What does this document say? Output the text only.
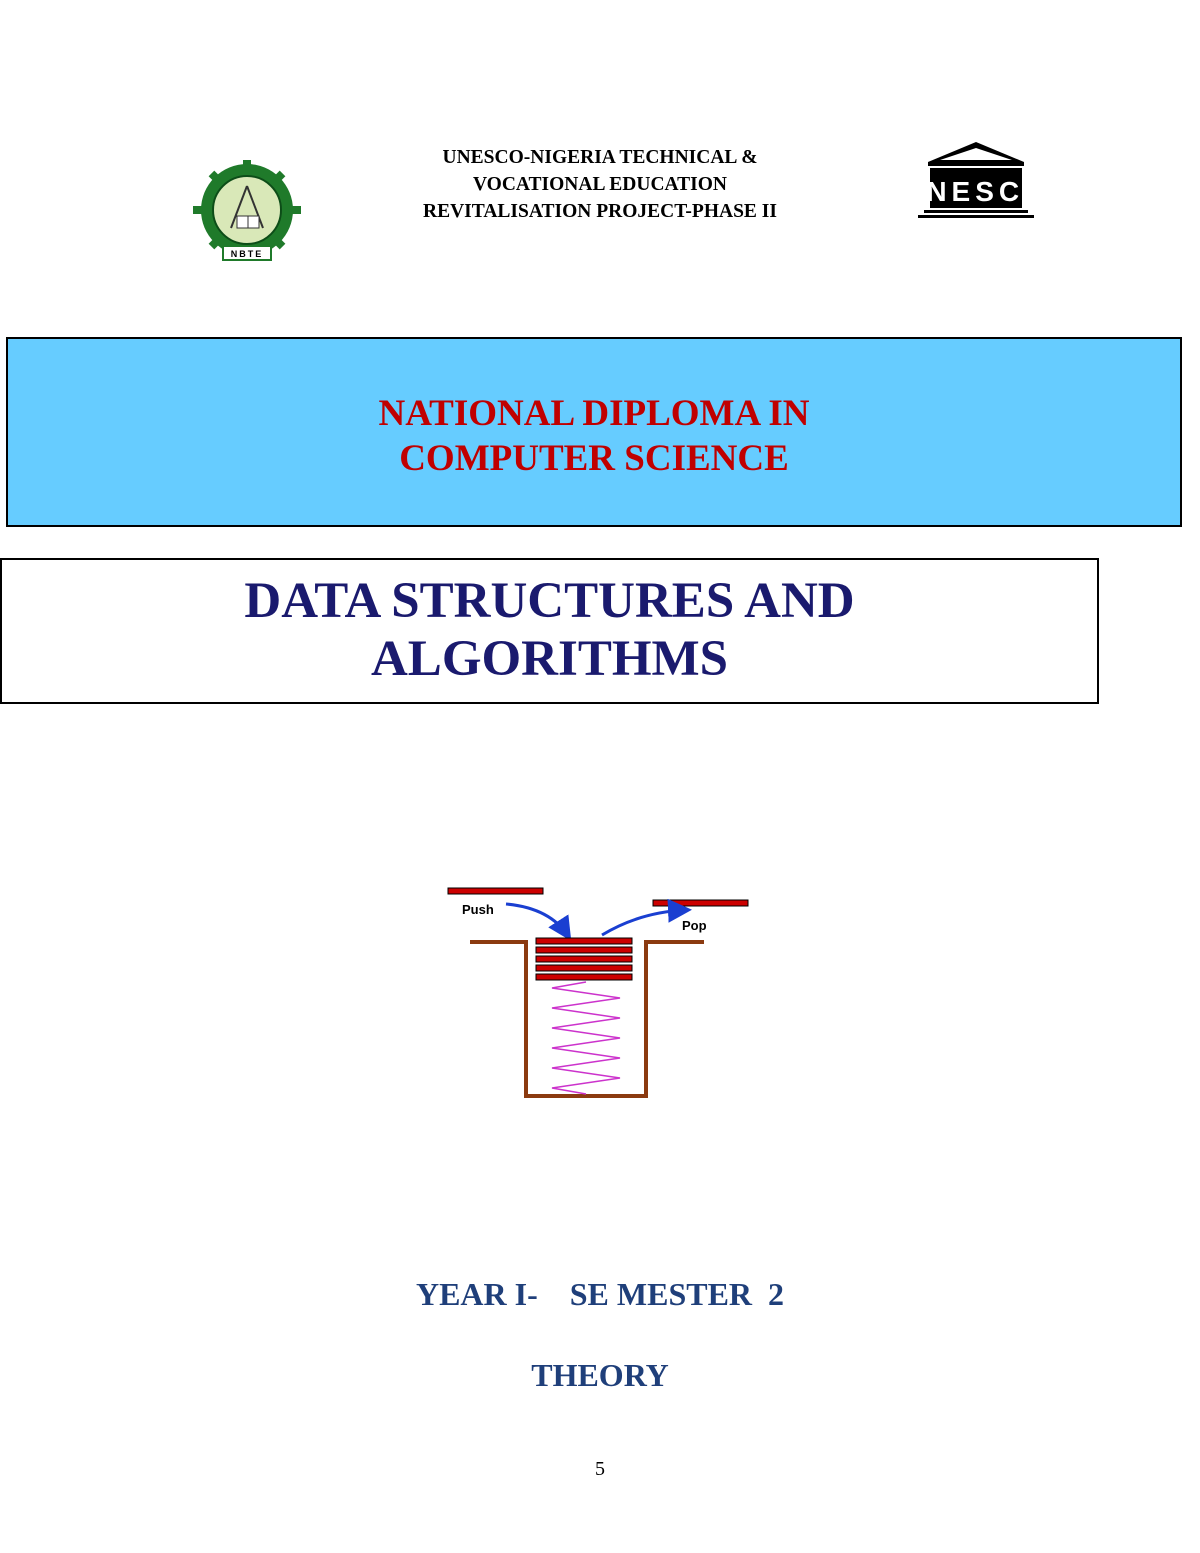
UNESCO-NIGERIA TECHNICAL &
VOCATIONAL EDUCATION
REVITALISATION PROJECT-PHASE II
NBTE
UNESCO
NATIONAL DIPLOMA IN
COMPUTER SCIENCE
DATA STRUCTURES AND
ALGORITHMS
Push
Pop
YEAR I-    SE MESTER  2
THEORY
5
